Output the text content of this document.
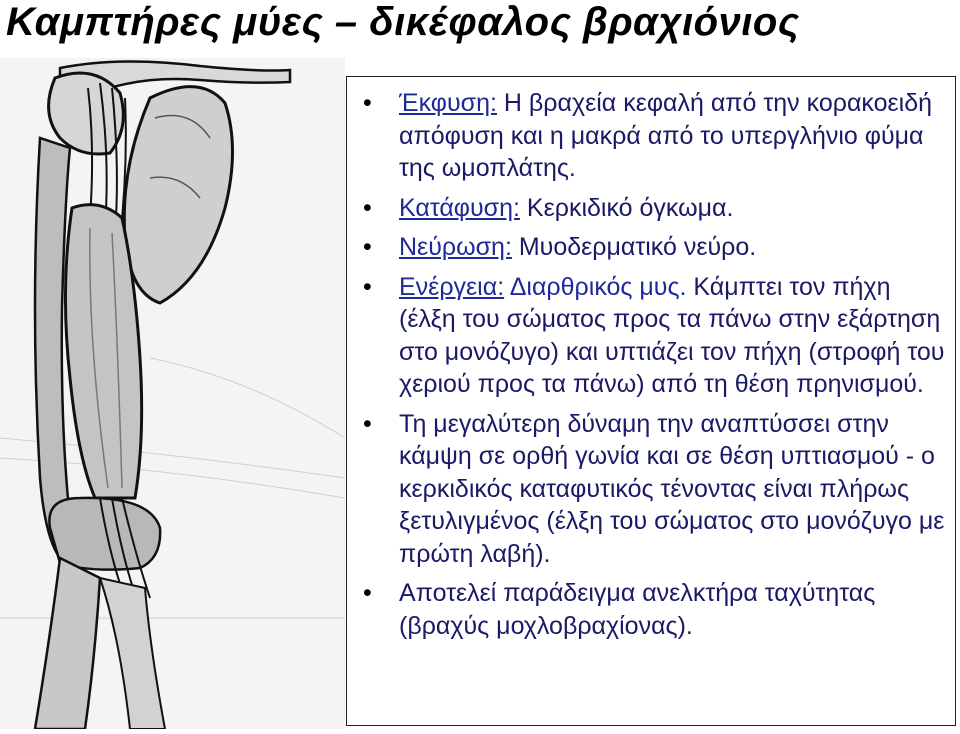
Καμπτήρες μύες – δικέφαλος βραχιόνιος
• Έκφυση: Η βραχεία κεφαλή από την κορακοειδή απόφυση και η μακρά από το υπεργλήνιο φύμα της ωμοπλάτης.
• Κατάφυση: Κερκιδικό όγκωμα.
• Νεύρωση: Μυοδερματικό νεύρο.
• Ενέργεια: Διαρθρικός μυς. Κάμπτει τον πήχη (έλξη του σώματος προς τα πάνω στην εξάρτηση στο μονόζυγο) και υπτιάζει τον πήχη (στροφή του χεριού προς τα πάνω) από τη θέση πρηνισμού.
• Τη μεγαλύτερη δύναμη την αναπτύσσει στην κάμψη σε ορθή γωνία και σε θέση υπτιασμού - ο κερκιδικός καταφυτικός τένοντας είναι πλήρως ξετυλιγμένος (έλξη του σώματος στο μονόζυγο με πρώτη λαβή).
• Αποτελεί παράδειγμα ανελκτήρα ταχύτητας (βραχύς μοχλοβραχίονας).
